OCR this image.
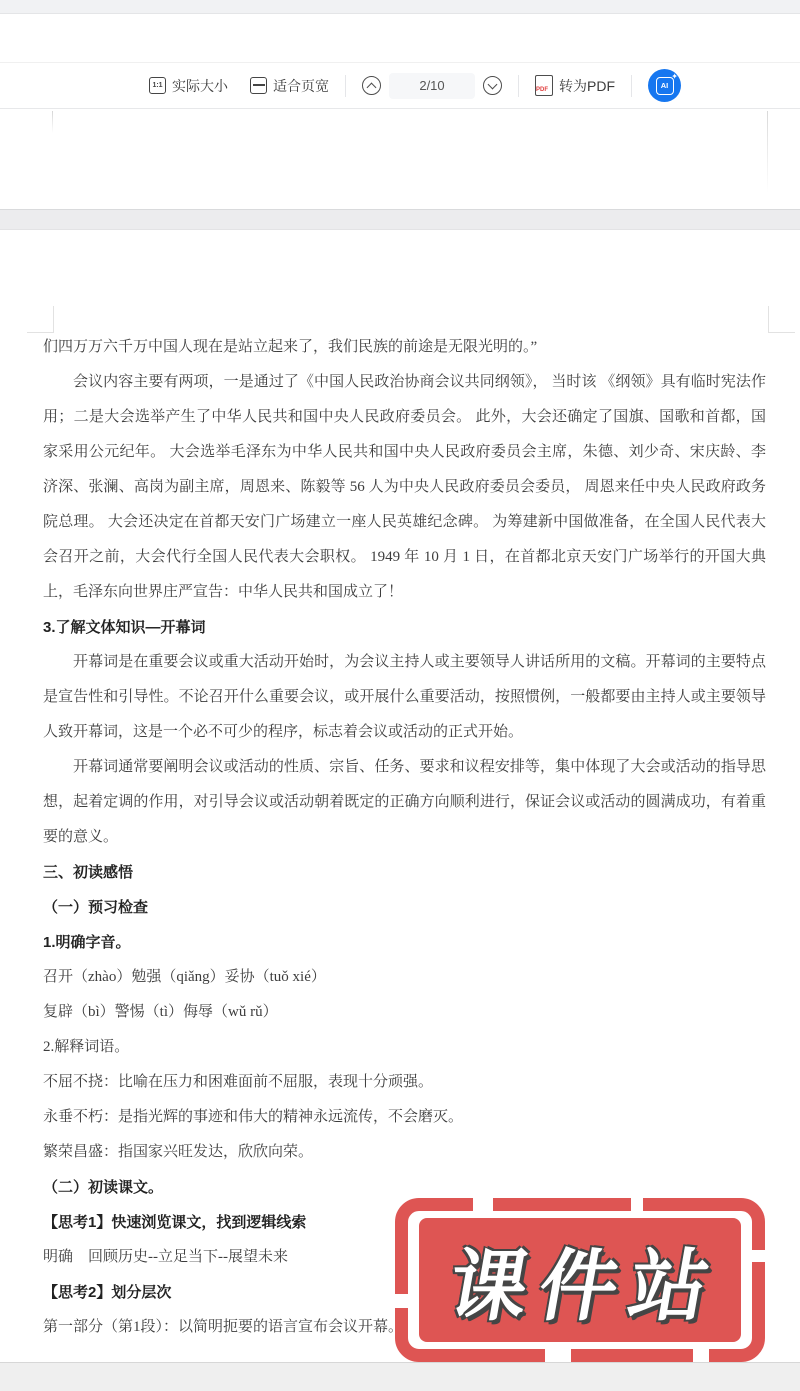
1:1 实际大小	适合页宽	2/10	PDF 转为PDF	AI
✦
们四万万六千万中国人现在是站立起来了，我们民族的前途是无限光明的。”
会议内容主要有两项，一是通过了《中国人民政治协商会议共同纲领》， 当时该 《纲领》具有临时宪法作用；二是大会选举产生了中华人民共和国中央人民政府委员会。 此外，大会还确定了国旗、国歌和首都，国家采用公元纪年。 大会选举毛泽东为中华人民共和国中央人民政府委员会主席，朱德、刘少奇、宋庆龄、李济深、张澜、高岗为副主席，周恩来、陈毅等 56 人为中央人民政府委员会委员， 周恩来任中央人民政府政务院总理。 大会还决定在首都天安门广场建立一座人民英雄纪念碑。 为筹建新中国做准备，在全国人民代表大会召开之前，大会代行全国人民代表大会职权。 1949 年 10 月 1 日，在首都北京天安门广场举行的开国大典上，毛泽东向世界庄严宣告：中华人民共和国成立了！
3.了解文体知识—开幕词
开幕词是在重要会议或重大活动开始时，为会议主持人或主要领导人讲话所用的文稿。开幕词的主要特点是宣告性和引导性。不论召开什么重要会议，或开展什么重要活动，按照惯例，一般都要由主持人或主要领导人致开幕词，这是一个必不可少的程序，标志着会议或活动的正式开始。
开幕词通常要阐明会议或活动的性质、宗旨、任务、要求和议程安排等，集中体现了大会或活动的指导思想，起着定调的作用，对引导会议或活动朝着既定的正确方向顺利进行，保证会议或活动的圆满成功，有着重要的意义。
三、初读感悟
（一）预习检查
1.明确字音。
召开（zhào）勉强（qiǎng）妥协（tuǒ xié）
复辟（bì）警惕（tì）侮辱（wǔ rǔ）
2.解释词语。
不屈不挠：比喻在压力和困难面前不屈服，表现十分顽强。
永垂不朽：是指光辉的事迹和伟大的精神永远流传，不会磨灭。
繁荣昌盛：指国家兴旺发达，欣欣向荣。
（二）初读课文。
【思考1】快速浏览课文，找到逻辑线索
明确　回顾历史--立足当下--展望未来
【思考2】划分层次
第一部分（第1段）：以简明扼要的语言宣布会议开幕。 课件站
